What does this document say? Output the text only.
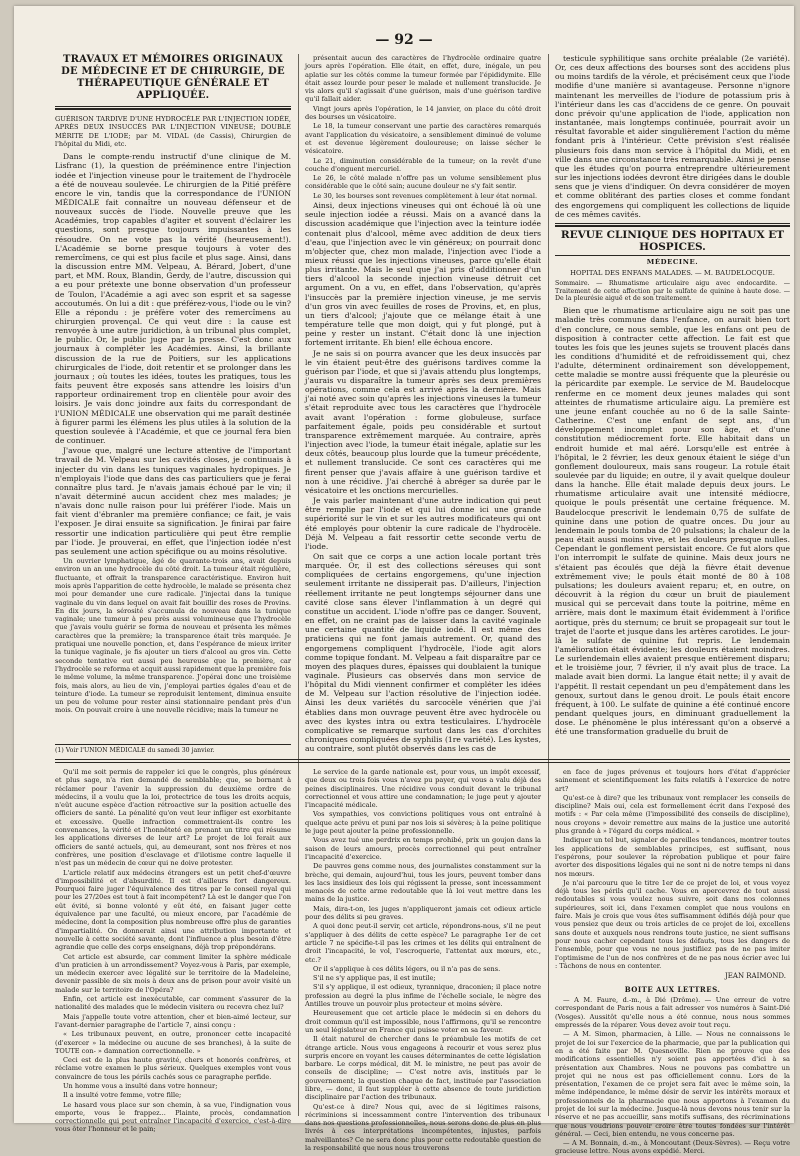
— 92 —
TRAVAUX ET MÉMOIRES ORIGINAUX DE MÉDECINE ET DE CHIRURGIE, DE THÉRAPEUTIQUE GÉNÉRALE ET APPLIQUÉE.
GUÉRISON TARDIVE D'UNE HYDROCÈLE PAR L'INJECTION IODÉE, APRÈS DEUX INSUCCÈS PAR L'INJECTION VINEUSE; DOUBLE MÉRITE DE L'IODE; par M. VIDAL (de Cassis), Chirurgien de l'hôpital du Midi, etc.

Dans le compte-rendu instructif d'une clinique de M. Lisfranc (1), la question de prééminence entre l'injection iodée et l'injection vineuse pour le traitement de l'hydrocèle a été de nouveau soulevée. Le chirurgien de la Pitié préfère encore le vin, tandis que la correspondance de l'UNION MÉDICALE fait connaître un nouveau défenseur et de nouveaux succès de l'iode. Nouvelle preuve que les Académies, trop capables d'agiter et souvent d'éclairer les questions, sont presque toujours impuissantes à les résoudre. On ne vote pas la vérité (heureusement!). L'Académie se borne presque toujours à voter des remercîmens, ce qui est plus facile et plus sage. Ainsi, dans la discussion entre MM. Velpeau, A. Bérard, Jobert, d'une part, et MM. Roux, Blandin, Gerdy, de l'autre, discussion qui a eu pour prétexte une bonne observation d'un professeur de Toulon, l'Académie a agi avec son esprit et sa sagesse accoutumés. On lui a dit : que préférez-vous, l'iode ou le vin? Elle a répondu : je préfère voter des remercîmens au chirurgien provençal. Ce qui veut dire : la cause est renvoyée à une autre juridiction, à un tribunal plus complet, le public. Or, le public juge par la presse. C'est donc aux journaux à compléter les Académies. Ainsi, la brillante discussion de la rue de Poitiers, sur les applications chirurgicales de l'iode, doit retentir et se prolonger dans les journaux ; où toutes les idées, toutes les pratiques, tous les faits peuvent être exposés sans attendre les loisirs d'un rapporteur ordinairement trop en clientèle pour avoir des loisirs. Je vais donc joindre aux faits du correspondant de l'UNION MÉDICALE une observation qui me paraît destinée à figurer parmi les élémens les plus utiles à la solution de la question soulevée à l'Académie, et que ce journal fera bien de continuer.

J'avoue que, malgré une lecture attentive de l'important travail de M. Velpeau sur les cavités closes, je continuais à injecter du vin dans les tuniques vaginales hydropiques. Je n'employais l'iode que dans des cas particuliers que je ferai connaître plus tard. Je n'avais jamais échoué par le vin; il n'avait déterminé aucun accident chez mes malades; je n'avais donc nulle raison pour lui préférer l'iode. Mais un fait vient d'ébranler ma première confiance; ce fait, je vais l'exposer. Je dirai ensuite sa signification. Je finirai par faire ressortir une indication particulière qui peut être remplie par l'iode. Je prouverai, en effet, que l'injection iodée n'est pas seulement une action spécifique ou au moins résolutive.

Un ouvrier lymphatique, âgé de quarante-trois ans, avait depuis environ un an une hydrocèle du côté droit. La tumeur était régulière, fluctuante, et offrait la transparence caractéristique. Environ huit mois après l'apparition de cette hydrocèle, le malade se présenta chez moi pour demander une cure radicale. J'injectai dans la tunique vaginale du vin dans lequel on avait fait bouillir des roses de Provins. En dix jours, la sérosité s'accumula de nouveau dans la tunique vaginale; une tumeur à peu près aussi volumineuse que l'hydrocèle que j'avais voulu guérir se forma de nouveau et présenta les mêmes caractères que la première; la transparence était très marquée. Je pratiquai une nouvelle ponction, et, dans l'espérance de mieux irriter la tunique vaginale, je fis ajouter un tiers d'alcool au gros vin. Cette seconde tentative eut aussi peu heureuse que la première, car l'hydrocèle se reforma et acquit aussi rapidement que la première fois le même volume, la même transparence. J'opérai donc une troisième fois, mais alors, au lieu de vin, j'employai parties égales d'eau et de teinture d'iode. La tumeur se reproduisit lentement, diminua ensuite un peu de volume pour rester ainsi stationnaire pendant près d'un mois. On pouvait croire à une nouvelle récidive; mais la tumeur ne

présentait aucun des caractères de l'hydrocèle ordinaire quatre jours après l'opération. Elle était, en effet, dure, inégale, un peu aplatie sur les côtés comme la tumeur formée par l'épididymite. Elle était assez lourde pour peser le malade et nullement translucide. Je vis alors qu'il s'agissait d'une guérison, mais d'une guérison tardive qu'il fallait aider.

Vingt jours après l'opération, le 14 janvier, on place du côté droit des bourses un vésicatoire.

Le 18, la tumeur conservant une partie des caractères remarqués avant l'application du vésicatoire, a sensiblement diminué de volume et est devenue légèrement douloureuse; on laisse sécher le vésicatoire.

Le 21, diminution considérable de la tumeur; on la revêt d'une couche d'onguent mercuriel.

Le 26, le côté malade n'offre pas un volume sensiblement plus considérable que le côté sain; aucune douleur ne s'y fait sentir.

Le 30, les bourses sont revenues complètement à leur état normal.

Ainsi, deux injections vineuses qui ont échoué là où une seule injection iodée a réussi. Mais on a avancé dans la discussion académique que l'injection avec la teinture iodée contenait plus d'alcool, même avec addition de deux tiers d'eau, que l'injection avec le vin généreux; on pourrait donc m'objecter que, chez mon malade, l'injection avec l'iode a mieux réussi que les injections vineuses, parce qu'elle était plus irritante. Mais le seul que j'ai pris d'additionner d'un tiers d'alcool la seconde injection vineuse détruit cet argument. On a vu, en effet, dans l'observation, qu'après l'insuccès par la première injection vineuse, je me servis d'un gros vin avec feuilles de roses de Provins, et, en plus, un tiers d'alcool; j'ajoute que ce mélange était à une température telle que mon doigt, qui y fut plongé, put à peine y rester un instant. C'était donc là une injection fortement irritante. Eh bien! elle échoua encore.

Je ne sais si on pourra avancer que les deux insuccès par le vin étaient peut-être des guérisons tardives comme la guérison par l'iode, et que si j'avais attendu plus longtemps, j'aurais vu disparaître la tumeur après ses deux premières opérations, comme cela est arrivé après la dernière. Mais j'ai noté avec soin qu'après les injections vineuses la tumeur s'était reproduite avec tous les caractères que l'hydrocèle avait avant l'opération : forme globuleuse, surface parfaitement égale, poids peu considérable et surtout transparence extrêmement marquée. Au contraire, après l'injection avec l'iode, la tumeur était inégale, aplatie sur les deux côtés, beaucoup plus lourde que la tumeur précédente, et nullement translucide. Ce sont ces caractères qui me firent penser que j'avais affaire à une guérison tardive et non à une récidive. J'ai cherché à abréger sa durée par le vésicatoire et les onctions mercurielles.

Je vais parler maintenant d'une autre indication qui peut être remplie par l'iode et qui lui donne ici une grande supériorité sur le vin et sur les autres modificateurs qui ont été employés pour obtenir la cure radicale de l'hydrocèle. Déjà M. Velpeau a fait ressortir cette seconde vertu de l'iode.

On sait que ce corps a une action locale portant très marquée. Or, il est des collections séreuses qui sont compliquées de certains engorgemens, qu'une injection seulement irritante ne dissiperait pas. D'ailleurs, l'injection réellement irritante ne peut longtemps séjourner dans une cavité close sans élever l'inflammation à un degré qui constitue un accident. L'iode n'offre pas ce danger. Souvent, en effet, on ne craint pas de laisser dans la cavité vaginale une certaine quantité de liquide iodé. Il est même des praticiens qui ne font jamais autrement. Or, quand des engorgemens compliquent l'hydrocèle, l'iode agit alors comme topique fondant. M. Velpeau a fait disparaître par ce moyen des plaques dures, épaisses qui doublaient la tunique vaginale. Plusieurs cas observés dans mon service de l'hôpital du Midi viennent confirmer et compléter les idées de M. Velpeau sur l'action résolutive de l'injection iodée. Ainsi les deux variétés du sarcocèle vénérien que j'ai établies dans mon ouvrage peuvent être avec hydrocèle ou avec des kystes intra ou extra testiculaires. L'hydrocèle complicative se remarque surtout dans les cas d'orchites chroniques compliquées de syphilis (1re variété). Les kystes, au contraire, sont plutôt observés dans les cas de

testicule syphilitique sans orchite préalable (2e variété). Or, ces deux affections des bourses sont des accidens plus ou moins tardifs de la vérole, et précisément ceux que l'iode modifie d'une manière si avantageuse. Personne n'ignore maintenant les merveilles de l'iodure de potassium pris à l'intérieur dans les cas d'accidens de ce genre. On pouvait donc prévoir qu'une application de l'iode, application non instantanée, mais longtemps continuée, pourrait avoir un résultat favorable et aider singulièrement l'action du même fondant pris à l'intérieur. Cette prévision s'est réalisée plusieurs fois dans mon service à l'hôpital du Midi, et en ville dans une circonstance très remarquable. Ainsi je pense que les études qu'on pourra entreprendre ultérieurement sur les injections iodées devront être dirigées dans le double sens que je viens d'indiquer. On devra considérer de moyen et comme oblitérant des parties closes et comme fondant des engorgemens qui compliquent les collections de liquide de ces mêmes cavités.

REVUE CLINIQUE DES HOPITAUX ET HOSPICES.
MÉDECINE.
HOPITAL DES ENFANS MALADES. — M. BAUDELOCQUE.
Sommaire. — Rhumatisme articulaire aigu avec endocardite. — Traitement de cette affection par le sulfate de quinine à haute dose. — De la pleurésie aiguë et de son traitement.

Bien que le rhumatisme articulaire aigu ne soit pas une maladie très commune dans l'enfance, on aurait bien tort d'en conclure, ce nous semble, que les enfans ont peu de disposition à contracter cette affection. Le fait est que toutes les fois que les jeunes sujets se trouvent placés dans les conditions d'humidité et de refroidissement qui, chez l'adulte, déterminent ordinairement son développement, cette maladie se montre aussi fréquente que la pleurésie ou la péricardite par exemple. Le service de M. Baudelocque renferme en ce moment deux jeunes malades qui sont atteintes de rhumatisme articulaire aigu. La première est une jeune enfant couchée au no 6 de la salle Sainte-Catherine. C'est une enfant de sept ans, d'un développement incomplet pour son âge, et d'une constitution médiocrement forte. Elle habitait dans un endroit humide et mal aéré. Lorsqu'elle est entrée à l'hôpital, le 2 février, les deux genoux étaient le siége d'un gonflement douloureux, mais sans rougeur. La rotule était soulevée par du liquide; en outre, il y avait quelque douleur dans la hanche. Elle était malade depuis deux jours. Le rhumatisme articulaire avait une intensité médiocre, quoique le pouls présentât une certaine fréquence. M. Baudelocque prescrivit le lendemain 0,75 de sulfate de quinine dans une potion de quatre onces. Du jour au lendemain le pouls tomba de 20 pulsations; la chaleur de la peau était aussi moins vive, et les douleurs presque nulles. Cependant le gonflement persistait encore. Ce fut alors que l'on interrompit le sulfate de quinine. Mais deux jours ne s'étaient pas écoulés que déjà la fièvre était devenue extrêmement vive; le pouls était monté de 80 à 108 pulsations; les douleurs avaient reparu; et, en outre, on découvrit à la région du cœur un bruit de piaulement musical qui se percevait dans toute la poitrine, même en arrière, mais dont le maximum était évidemment à l'orifice aortique, près du sternum; ce bruit se propageait sur tout le trajet de l'aorte et jusque dans les artères carotides. Le jour-là le sulfate de quinine fut repris. Le lendemain l'amélioration était évidente; les douleurs étaient moindres. Le surlendemain elles avaient presque entièrement disparu; et le troisième jour, 7 février, il n'y avait plus de trace. La malade avait bien dormi. La langue était nette; il y avait de l'appétit. Il restait cependant un peu d'empâtement dans les genoux, surtout dans le genou droit. Le pouls était encore fréquent, à 100. Le sulfate de quinine a été continué encore pendant quelques jours, en diminuant graduellement la dose. Le phénomène le plus intéressant qu'on a observé a été une transformation graduelle du bruit de

(1) Voir l'UNION MÉDICALE du samedi 30 janvier.

Qu'il me soit permis de rappeler ici que le congrès, plus généreux et plus sage, n'a rien demandé de semblable; que, se bornant à réclamer pour l'avenir la suppression du deuxième ordre de médecins, il a voulu que la loi, protectrice de tous les droits acquis, n'eût aucune espèce d'action rétroactive sur la position actuelle des officiers de santé. La pénalité qu'on veut leur infliger est exorbitante et excessive. Quelle infraction commettraient-ils contre les convenances, la vérité et l'honnêteté en prenant un titre qui résume les applications diverses de leur art? Le projet de loi ferait aux officiers de santé actuels, qui, au demeurant, sont nos frères et nos confrères, une position d'esclavage et d'ilotisme contre laquelle il n'est pas un médecin de cœur qui ne doive protester.

L'article relatif aux médecins étrangers est un petit chef-d'œuvre d'impossibilité et d'absurdité. Il est d'ailleurs fort dangereux. Pourquoi faire juger l'équivalence des titres par le conseil royal qui pour les 27/20es est tout à fait incompétent? Là est le danger que l'on eût évité, si bonne volonté y eût été, en faisant juger cette équivalence par une faculté, ou mieux encore, par l'académie de médecine, dont la composition plus nombreuse offre plus de garanties d'impartialité. On donnerait ainsi une attribution importante et nouvelle à cette société savante, dont l'influence a plus besoin d'être agrandie que celle des corps enseignans, déjà trop prépondérans.

Cet article est absurde, car comment limiter la sphère médicale d'un praticien à un arrondissement? Voyez-vous à Paris, par exemple, un médecin exercer avec légalité sur le territoire de la Madeleine, devenir passible de six mois à deux ans de prison pour avoir visité un malade sur le territoire de l'Opéra?

Enfin, cet article est inexécutable, car comment s'assurer de la nationalité des malades que le médecin visitera ou recevra chez lui?

Mais j'appelle toute votre attention, cher et bien-aimé lecteur, sur l'avant-dernier paragraphe de l'article 7, ainsi conçu :

« Les tribunaux peuvent, en outre, prononcer cette incapacité (d'exercer » la médecine ou aucune de ses branches), à la suite de TOUTE con- » damnation correctionnelle. »

Ceci est de la plus haute gravité, chers et honorés confrères, et réclame votre examen le plus sérieux. Quelques exemples vont vous convaincre de tous les périls cachés sous ce paragraphe perfide.

Un homme vous a insulté dans votre honneur;

Il a insulté votre femme, votre fille;

Le hasard vous place sur son chemin, à sa vue, l'indignation vous emporte, vous le frappez... Plainte, procès, condamnation correctionnelle qui peut entraîner l'incapacité d'exercice, c'est-à-dire vous ôter l'honneur et le pain;

Le service de la garde nationale est, pour vous, un impôt excessif, que deux ou trois fois vous n'avez pu payer, qui vous a valu déjà des peines disciplinaires. Une récidive vous conduit devant le tribunal correctionnel et vous attire une condamnation; le juge peut y ajouter l'incapacité médicale.

Vos sympathies, vos convictions politiques vous ont entraîné à quelque acte prévu et puni par nos lois si sévères; à la peine politique le juge peut ajouter la peine professionnelle.

Vous avez tué une perdrix en temps prohibé, prix un goujon dans la saison de leurs amours, procès correctionnel qui peut entraîner l'incapacité d'exercice.

De pauvres gens comme nous, des journalistes constamment sur la brèche, qui demain, aujourd'hui, tous les jours, peuvent tomber dans les lacs insidieux des lois qui régissent la presse, sont incessamment menacés de cette arme redoutable que là loi veut mettre dans les mains de la justice.

Mais, dira-t-on, les juges n'appliqueront jamais cet odieux article pour des délits si peu graves.

A quoi donc peut-il servir, cet article, répondrons-nous, s'il ne peut s'appliquer à des délits de cette espèce? Le paragraphe 1er de cet article 7 ne spécifie-t-il pas les crimes et les délits qui entraînent de droit l'incapacité, le vol, l'escroquerie, l'attentat aux mœurs, etc., etc.?

Or il s'applique à ces délits légers, ou il n'a pas de sens.

S'il ne s'y applique pas, il est inutile;

S'il s'y applique, il est odieux, tyrannique, draconien; il place notre profession au degré la plus infime de l'échelle sociale, le nègre des Antilles trouve un pouvoir plus protecteur et moins sévère.

Heureusement que cet article place le médecin si en dehors du droit commun qu'il est impossible, nous l'affirmons, qu'il se rencontre un seul législateur en France qui puisse voter en sa faveur.

Il était naturel de chercher dans le préambule les motifs de cet étrange article. Nous vous engageons à recourir et vous serez plus surpris encore en voyant les causes déterminantes de cette législation barbare. Le corps médical, dit M. le ministre, ne peut pas avoir de conseils de discipline; — C'est notre avis, institués par le gouvernement; la question chaque de fact, instituée par l'association libre, — donc, il faut suppléer à cette absence de toute juridiction disciplinaire par l'action des tribunaux.

Qu'est-ce à dire? Nous qui, avec de si légitimes raisons, récriminions si incessamment contre l'intervention des tribunaux dans nos questions professionnelles, nous serons donc de plus en plus livrés à ces interprétations incompétentes, injustes, parfois malveillantes? Ce ne sera donc plus pour cette redoutable question de la responsabilité que nous nous trouverons

en face de juges prévenus et toujours hors d'état d'apprécier sainement et scientifiquement les faits relatifs à l'exercice de notre art?

Qu'est-ce à dire? que les tribunaux vont remplacer les conseils de discipline? Mais oui, cela est formellement écrit dans l'exposé des motifs : « Par cela même (l'impossibilité des conseils de discipline), nous croyons » devoir remettre aux mains de la justice une autorité plus grande à » l'égard du corps médical. »

Indiquer un tel but, signaler de pareilles tendances, montrer toutes les applications de semblables principes, est suffisant, nous l'espérons, pour soulever la réprobation publique et pour faire avorter des dispositions légales qui ne sont ni de notre temps ni dans nos mœurs.

Je n'ai parcouru que le titre 1er de ce projet de loi, et vous voyez déjà tous les périls qu'il cache. Vous en apercevrez de tout aussi redoutables si vous voulez nous suivre, soit dans nos colonnes supérieures, soit ici, dans l'examen complet que nous voulons en faire. Mais je crois que vous êtes suffisamment édifiés déjà pour que vous pensiez que deux ou trois articles de ce projet de loi, excellens sans doute et auxquels nous rendrons toute justice, ne sient suffisans pour nous cacher cependant tous les défauts, tous les dangers de l'ensemble, pour que vous ne nous justifiiez pas de ne pas imiter l'optimisme de l'un de nos confrères et de ne pas nous écrier avec lui : Tâchons de nous en contenter.

JEAN RAIMOND.
BOITE AUX LETTRES.

— A M. Faure, d.-m., à Dié (Drôme). — Une erreur de votre correspondant de Paris nous a fait adresser vos numéros à Saint-Dié (Vosges). Aussitôt qu'elle nous a été connue, nous nous sommes empressés de la réparer. Vous devez avoir tout reçu.

— A M. Simon, pharmacien, à Lille. — Nous ne connaissons le projet de loi sur l'exercice de la pharmacie, que par la publication qui en a été faite par M. Quesneville. Rien ne prouve que des modifications essentielles n'y soient pas apportées d'ici à sa présentation aux Chambres. Nous ne pouvons pas combattre un projet qui ne nous est pas officiellement connu. Lors de la présentation, l'examen de ce projet sera fait avec le même soin, la même indépendance, le même désir de servir les intérêts moraux et professionnels de la pharmacie que nous apportons à l'examen du projet de loi sur la médecine. Jusque-là nous devons nous tenir sur la réserve et ne pas accueillir, sans motifs suffisans, des récriminations que nous voudrions pouvoir croire être toutes fondées sur l'intérêt général. — Ceci, bien entendu, ne vous concerne pas.

— A M. Bonnain, d.-m., à Moncoutant (Deux-Sèvres). — Reçu votre gracieuse lettre. Nous avons expédié. Merci.
